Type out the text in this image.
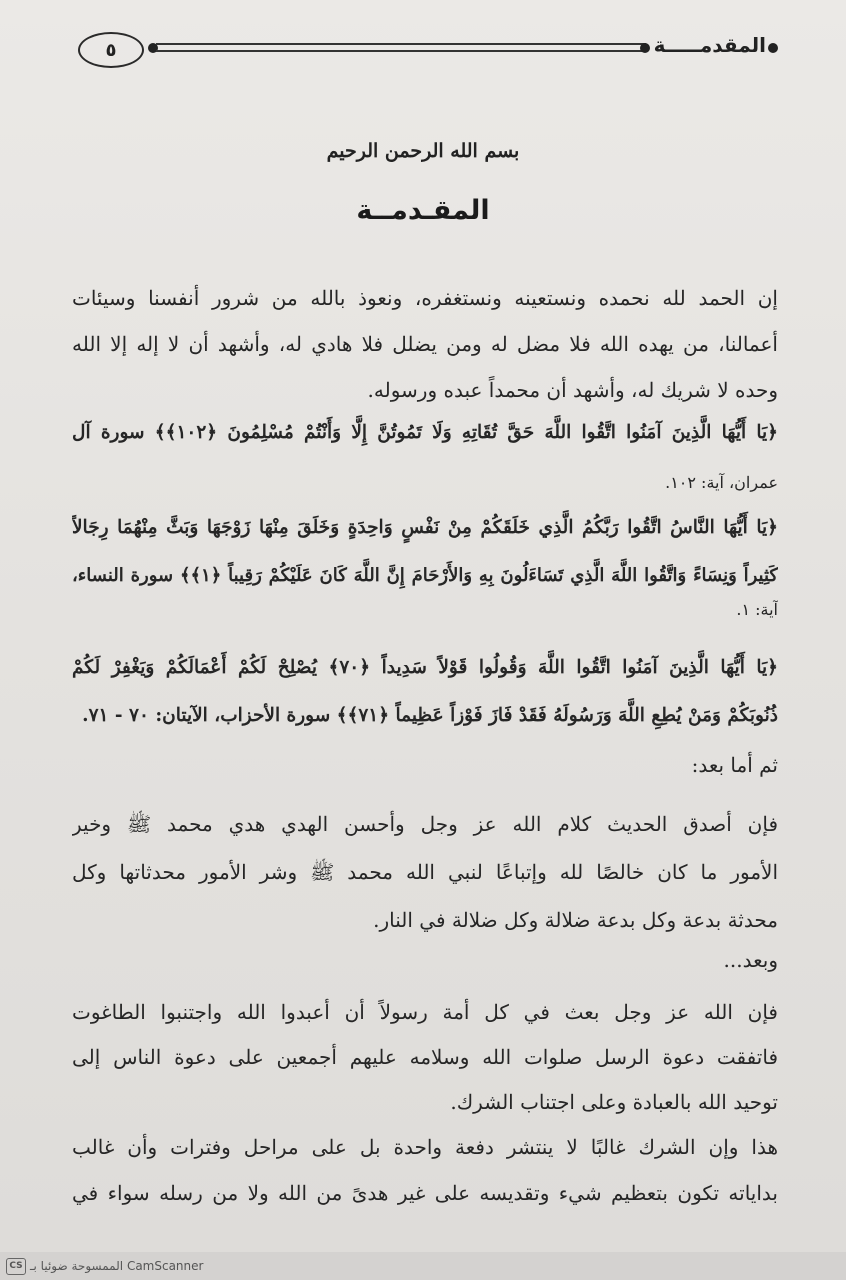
٥	المقدمـــــة
بسم الله الرحمن الرحيم
المقـدمــة
إن الحمد لله نحمده ونستعينه ونستغفره، ونعوذ بالله من شرور أنفسنا وسيئات
أعمالنا، من يهده الله فلا مضل له ومن يضلل فلا هادي له، وأشهد أن لا إله إلا الله
وحده لا شريك له، وأشهد أن محمداً عبده ورسوله.
﴿يَا أَيُّهَا الَّذِينَ آمَنُوا اتَّقُوا اللَّهَ حَقَّ تُقَاتِهِ وَلَا تَمُوتُنَّ إِلَّا وَأَنْتُمْ مُسْلِمُونَ ﴿١٠٢﴾﴾ سورة آل
عمران، آية: ١٠٢.
﴿يَا أَيُّهَا النَّاسُ اتَّقُوا رَبَّكُمُ الَّذِي خَلَقَكُمْ مِنْ نَفْسٍ وَاحِدَةٍ وَخَلَقَ مِنْهَا زَوْجَهَا وَبَثَّ مِنْهُمَا رِجَالاً
كَثِيراً وَنِسَاءً وَاتَّقُوا اللَّهَ الَّذِي تَسَاءَلُونَ بِهِ وَالأَرْحَامَ إِنَّ اللَّهَ كَانَ عَلَيْكُمْ رَقِيباً ﴿١﴾﴾ سورة النساء،
آية: ١.
﴿يَا أَيُّهَا الَّذِينَ آمَنُوا اتَّقُوا اللَّهَ وَقُولُوا قَوْلاً سَدِيداً ﴿٧٠﴾ يُصْلِحْ لَكُمْ أَعْمَالَكُمْ وَيَغْفِرْ لَكُمْ
ذُنُوبَكُمْ وَمَنْ يُطِعِ اللَّهَ وَرَسُولَهُ فَقَدْ فَازَ فَوْزاً عَظِيماً ﴿٧١﴾﴾ سورة الأحزاب، الآيتان: ٧٠ - ٧١.
ثم أما بعد:
فإن أصدق الحديث كلام الله عز وجل وأحسن الهدي هدي محمد ﷺ وخير
الأمور ما كان خالصًا لله وإتباعًا لنبي الله محمد ﷺ وشر الأمور محدثاتها وكل
محدثة بدعة وكل بدعة ضلالة وكل ضلالة في النار.
وبعد...
فإن الله عز وجل بعث في كل أمة رسولاً أن أعبدوا الله واجتنبوا الطاغوت
فاتفقت دعوة الرسل صلوات الله وسلامه عليهم أجمعين على دعوة الناس إلى
توحيد الله بالعبادة وعلى اجتناب الشرك.
هذا وإن الشرك غالبًا لا ينتشر دفعة واحدة بل على مراحل وفترات وأن غالب
بداياته تكون بتعظيم شيء وتقديسه على غير هدىً من الله ولا من رسله سواء في
CS الممسوحة ضوئيا بـ CamScanner
